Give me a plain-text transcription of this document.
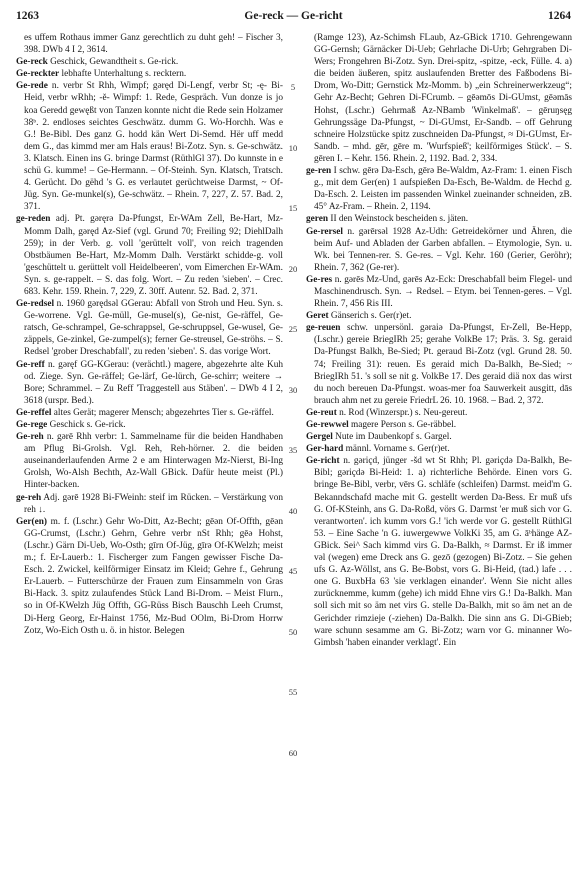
1263	Ge-reck — Ge-richt	1264

es uffem Rothaus immer Ganz gerechtlich zu duht geh! – Fischer 3, 398. DWb 4 I 2, 3614.

Ge-reck Geschick, Gewandtheit s. Ge-rick.

Ge-reckter lebhafte Unterhaltung s. recktern.

Ge-rede n. verbr St Rhh, Wimpf; gəręd Di-Lengf, verbr St; -ę- Bi-Heid, verbr wRhh; -ĕ- Wimpf: 1. Rede, Gespräch. Vun donze is jo koa Geredd gewęßt von Tanzen konnte nicht die Rede sein Holzamer 38ᵇ. 2. endloses seichtes Geschwätz. dumm G. Wo-Horchh. Was e G.! Be-Bibl. Des ganz G. hodd kän Wert Di-Semd. Hër uff medd dem G., das kimmd mer am Hals eraus! Bi-Zotz. Syn. s. Ge-schwätz. 3. Klatsch. Einen ins G. bringe Darmst (RüthlGl 37). Do kunnste in e schü G. kumme! – Ge-Hermann. – Of-Steinh. Syn. Klatsch, Tratsch. 4. Gerücht. Do gëhd 's G. es verlautet gerüchtweise Darmst, ~ Of-Jüg. Syn. Ge-munkel(s), Ge-schwätz. – Rhein. 7, 227, Z. 57. Bad. 2, 371.

ge-reden adj. Pt. gəręrə Da-Pfungst, Er-WAm Zell, Be-Hart, Mz-Momm Dalh, gəręd Az-Sief (vgl. Grund 70; Freiling 92; DiehlDalh 259); in der Verb. g. voll 'gerüttelt voll', von reich tragenden Obstbäumen Be-Hart, Mz-Momm Dalh. Verstärkt schidde-g. voll 'geschüttelt u. gerüttelt voll Heidelbeeren', vom Eimerchen Er-WAm. Syn. s. ge-rappelt. – S. das folg. Wort. – Zu reden 'sieben'. – Crec. 683. Kehr. 159. Rhein. 7, 229, Z. 30ff. Autenr. 52. Bad. 2, 371.

Ge-redsel n. 1960 gərędsəl GGerau: Abfall von Stroh und Heu. Syn. s. Ge-worrene. Vgl. Ge-müll, Ge-musel(s), Ge-nist, Ge-räffel, Ge-ratsch, Ge-schrampel, Ge-schrappsel, Ge-schruppsel, Ge-wusel, Ge-zäppels, Ge-zinkel, Ge-zumpel(s); ferner Ge-streusel, Ge-ströhs. – S. Redsel 'grober Dreschabfall', zu reden 'sieben'. S. das vorige Wort.

Ge-reff n. gəręf GG-KGerau: (verächtl.) magere, abgezehrte alte Kuh od. Ziege. Syn. Ge-räffel; Ge-lärf, Ge-lürch, Ge-schirr; weitere → Bore; Schrammel. – Zu Reff 'Traggestell aus Stäben'. – DWb 4 I 2, 3618 (urspr. Bed.).

Ge-reffel altes Gerät; magerer Mensch; abgezehrtes Tier s. Ge-räffel.

Ge-rege Geschick s. Ge-rick.

Ge-reh n. gərē Rhh verbr: 1. Sammelname für die beiden Handhaben am Pflug Bi-Grolsh. Vgl. Reh, Reh-hörner. 2. die beiden auseinanderlaufenden Arme 2 e am Hinterwagen Mz-Nierst, Bi-Ing Grolsh, Wo-Alsh Bechth, Az-Wall GBick. Dafür heute meist (Pl.) Hinter-backen.

ge-reh Adj. gərē 1928 Bi-FWeinh: steif im Rücken. – Verstärkung von reh ↓.

Ger(en) m. f. (Lschr.) Gehr Wo-Ditt, Az-Becht; gēən Of-Offth, gēən GG-Crumst, (Lschr.) Gehrn, Gehre verbr nSt Rhh; gēə Hohst, (Lschr.) Gärn Di-Ueb, Wo-Osth; gīrn Of-Jüg, gīrə Of-KWelzh; meist m.; f. Er-Lauerb.: 1. Fischerger zum Fangen gewisser Fische Da-Esch. 2. Zwickel, keilförmiger Einsatz im Kleid; Gehre f., Gehrung Er-Lauerb. – Futterschürze der Frauen zum Einsammeln von Gras Bi-Hack. 3. spitz zulaufendes Stück Land Bi-Drom. – Meist Flurn., so in Of-KWelzh Jüg Offth, GG-Rüss Bisch Bauschh Leeh Crumst, Di-Herg Georg, Er-Hainst 1756, Mz-Bud OOlm, Bi-Drom Horrw Zotz, Wo-Eich Osth u. ö. in histor. Belegen

(Ramge 123), Az-Schimsh FLaub, Az-GBick 1710. Gehrengewann GG-Gernsh; Gärnäcker Di-Ueb; Gehrlache Di-Urb; Gehrgraben Di-Wers; Frongehren Bi-Zotz. Syn. Drei-spitz, -spitze, -eck, Fülle. 4. a) die beiden äußeren, spitz auslaufenden Bretter des Faßbodens Bi-Drom, Wo-Ditt; Gernstick Mz-Momm. b) „ein Schreinerwerkzeug“; Gehr Az-Becht; Gehren Di-FCrumb. – gēəmōs Di-GUmst, gēəmās Hohst, (Lschr.) Gehrmaß Az-NBamb 'Winkelmaß'. – gēruŋsęg Gehrungssäge Da-Pfungst, ~ Di-GUmst, Er-Sandb. – off Gehrung schneire Holzstücke spitz zuschneiden Da-Pfungst, ≈ Di-GUmst, Er-Sandb. – mhd. gēr, gēre m. 'Wurfspieß'; keilförmiges Stück'. – S. gēren I. – Kehr. 156. Rhein. 2, 1192. Bad. 2, 334.

ge-ren I schw. gērə Da-Esch, gērə Be-Waldm, Az-Fram: 1. einen Fisch g., mit dem Ger(en) 1 aufspießen Da-Esch, Be-Waldm. de Hechd g. Da-Esch. 2. Leisten im passenden Winkel zueinander schneiden, zB. 45° Az-Fram. – Rhein. 2, 1194.

geren II den Weinstock bescheiden s. jäten.

Ge-rersel n. gərērsəl 1928 Az-Udh: Getreidekörner und Ähren, die beim Auf- und Abladen der Garben abfallen. – Etymologie, Syn. u. Wk. bei Tennen-rer. S. Ge-res. – Vgl. Kehr. 160 (Gerier, Geröhr); Rhein. 7, 362 (Ge-rer).

Ge-res n. gərēs Mz-Und, gərēs Az-Eck: Dreschabfall beim Flegel- und Maschinendrusch. Syn. → Redsel. – Etym. bei Tennen-geres. – Vgl. Rhein. 7, 456 Ris III.

Geret Gänserich s. Ger(r)et.

ge-reuen schw. unpersönl. gəraiə Da-Pfungst, Er-Zell, Be-Hepp, (Lschr.) gereie BriegIRh 25; gerahe VolkBe 17; Präs. 3. Sg. geraid Da-Pfungst Balkh, Be-Sied; Pt. geraud Bi-Zotz (vgl. Grund 28. 50. 74; Freiling 31): reuen. Es geraid mich Da-Balkh, Be-Sied; ~ BriegIRh 51. 's soll se nit g. VolkBe 17. Des geraid diä nox das wirst du noch bereuen Da-Pfungst. woas-mer foa Sauwerkeit ausgitt, dās brauch ahm net zu gereie FriedrL 26. 10. 1968. – Bad. 2, 372.

Ge-reut n. Rod (Winzerspr.) s. Neu-gereut.

Ge-rewwel magere Person s. Ge-räbbel.

Gergel Nute im Daubenkopf s. Gargel.

Ger-hard männl. Vorname s. Ger(r)et.

Ge-richt n. gəriçd, jünger -šd wt St Rhh; Pl. gəriçdə Da-Balkh, Be-Bibl; gəriçdə Bi-Heid: 1. a) richterliche Behörde. Einen vors G. bringe Be-Bibl, verbr, vērs G. schläfe (schleifen) Darmst. meid'm G. Bekanndschafd mache mit G. gestellt werden Da-Bess. Er muß ufs G. Of-KSteinh, ans G. Da-Roßd, vörs G. Darmst 'er muß sich vor G. verantworten'. ich kumm vors G.! 'ich werde vor G. gestellt RüthlGl 53. – Eine Sache 'n G. iuwergewwe VolkKi 35, am G. āᵇhänge AZ-GBick. Sei^ Sach kimmd virs G. Da-Balkh, ≈ Darmst. Er iß immer vəl (wegen) eme Dreck ans G. gezō (gezogen) Bi-Zotz. – Sie gehen ufs G. Az-Wöllst, ans G. Be-Bobst, vors G. Bi-Heid, (tad.) lafe . . . one G. BuxbHa 63 'sie verklagen einander'. Wenn Sie nicht alles zurücknemme, kumm (gehe) ich midd Ehne virs G.! Da-Balkh. Man soll sich mit so äm net virs G. stelle Da-Balkh, mit so äm net an de Gerichder rimzieje (-ziehen) Da-Balkh. Die sinn ans G. Di-GBieb; ware schunn sesamme am G. Bi-Zotz; warn vor G. minanner Wo-Gimbsh 'haben einander verklagt'. Ein

5
10
15
20
25
30
35
40
45
50
55
60
